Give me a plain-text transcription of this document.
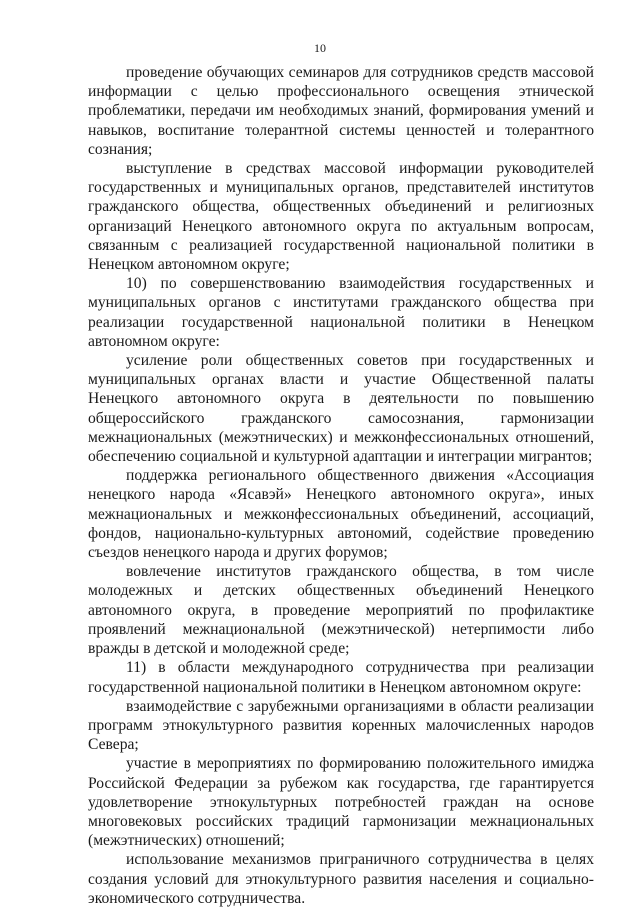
10

проведение обучающих семинаров для сотрудников средств массовой информации с целью профессионального освещения этнической проблематики, передачи им необходимых знаний, формирования умений и навыков, воспитание толерантной системы ценностей и толерантного сознания;

выступление в средствах массовой информации руководителей государственных и муниципальных органов, представителей институтов гражданского общества, общественных объединений и религиозных организаций Ненецкого автономного округа по актуальным вопросам, связанным с реализацией государственной национальной политики в Ненецком автономном округе;

10) по совершенствованию взаимодействия государственных и муниципальных органов с институтами гражданского общества при реализации государственной национальной политики в Ненецком автономном округе:

усиление роли общественных советов при государственных и муниципальных органах власти и участие Общественной палаты Ненецкого автономного округа в деятельности по повышению общероссийского гражданского самосознания, гармонизации межнациональных (межэтнических) и межконфессиональных отношений, обеспечению социальной и культурной адаптации и интеграции мигрантов;

поддержка регионального общественного движения «Ассоциация ненецкого народа «Ясавэй» Ненецкого автономного округа», иных межнациональных и межконфессиональных объединений, ассоциаций, фондов, национально-культурных автономий, содействие проведению съездов ненецкого народа и других форумов;

вовлечение институтов гражданского общества, в том числе молодежных и детских общественных объединений Ненецкого автономного округа, в проведение мероприятий по профилактике проявлений межнациональной (межэтнической) нетерпимости либо вражды в детской и молодежной среде;

11) в области международного сотрудничества при реализации государственной национальной политики в Ненецком автономном округе:

взаимодействие с зарубежными организациями в области реализации программ этнокультурного развития коренных малочисленных народов Севера;

участие в мероприятиях по формированию положительного имиджа Российской Федерации за рубежом как государства, где гарантируется удовлетворение этнокультурных потребностей граждан на основе многовековых российских традиций гармонизации межнациональных (межэтнических) отношений;

использование механизмов приграничного сотрудничества в целях создания условий для этнокультурного развития населения и социально-экономического сотрудничества.
